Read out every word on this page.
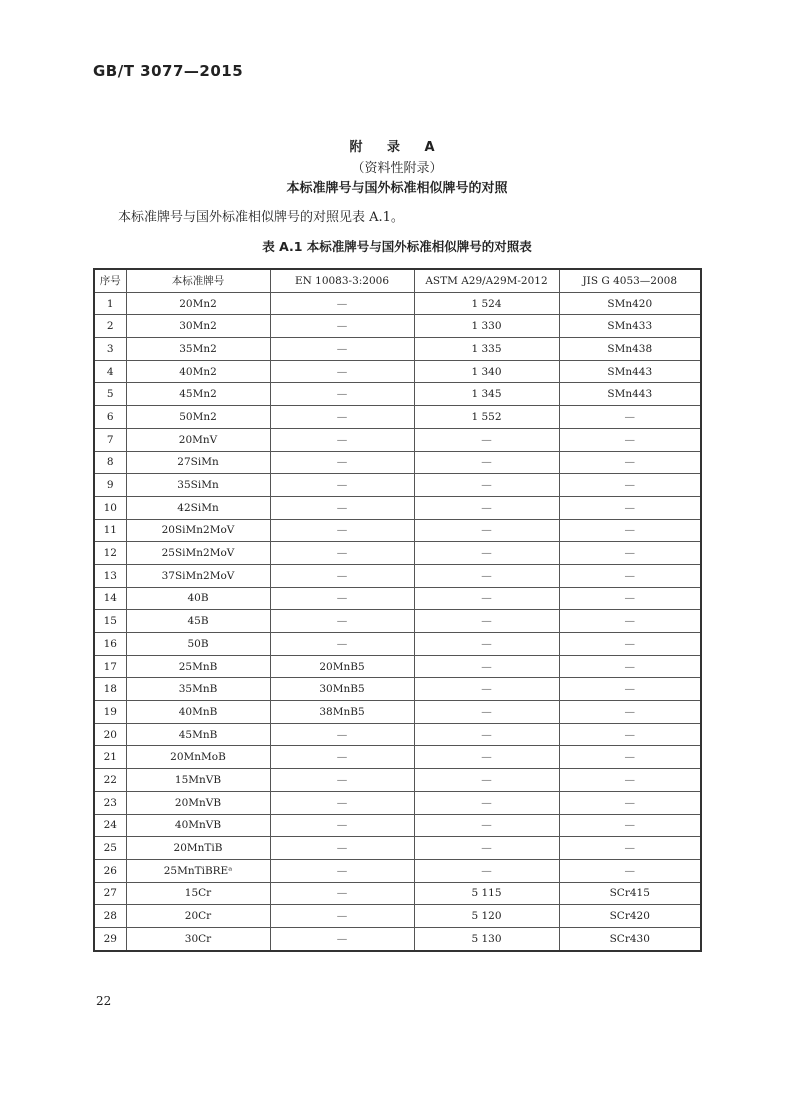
GB/T 3077—2015
附 录 A
（资料性附录）
本标准牌号与国外标准相似牌号的对照
本标准牌号与国外标准相似牌号的对照见表 A.1。
表 A.1 本标准牌号与国外标准相似牌号的对照表
序号	本标准牌号	EN 10083-3:2006	ASTM A29/A29M-2012	JIS G 4053—2008
1	20Mn2	—	1 524	SMn420
2	30Mn2	—	1 330	SMn433
3	35Mn2	—	1 335	SMn438
4	40Mn2	—	1 340	SMn443
5	45Mn2	—	1 345	SMn443
6	50Mn2	—	1 552	—
7	20MnV	—	—	—
8	27SiMn	—	—	—
9	35SiMn	—	—	—
10	42SiMn	—	—	—
11	20SiMn2MoV	—	—	—
12	25SiMn2MoV	—	—	—
13	37SiMn2MoV	—	—	—
14	40B	—	—	—
15	45B	—	—	—
16	50B	—	—	—
17	25MnB	20MnB5	—	—
18	35MnB	30MnB5	—	—
19	40MnB	38MnB5	—	—
20	45MnB	—	—	—
21	20MnMoB	—	—	—
22	15MnVB	—	—	—
23	20MnVB	—	—	—
24	40MnVB	—	—	—
25	20MnTiB	—	—	—
26	25MnTiBREᵃ	—	—	—
27	15Cr	—	5 115	SCr415
28	20Cr	—	5 120	SCr420
29	30Cr	—	5 130	SCr430
22
